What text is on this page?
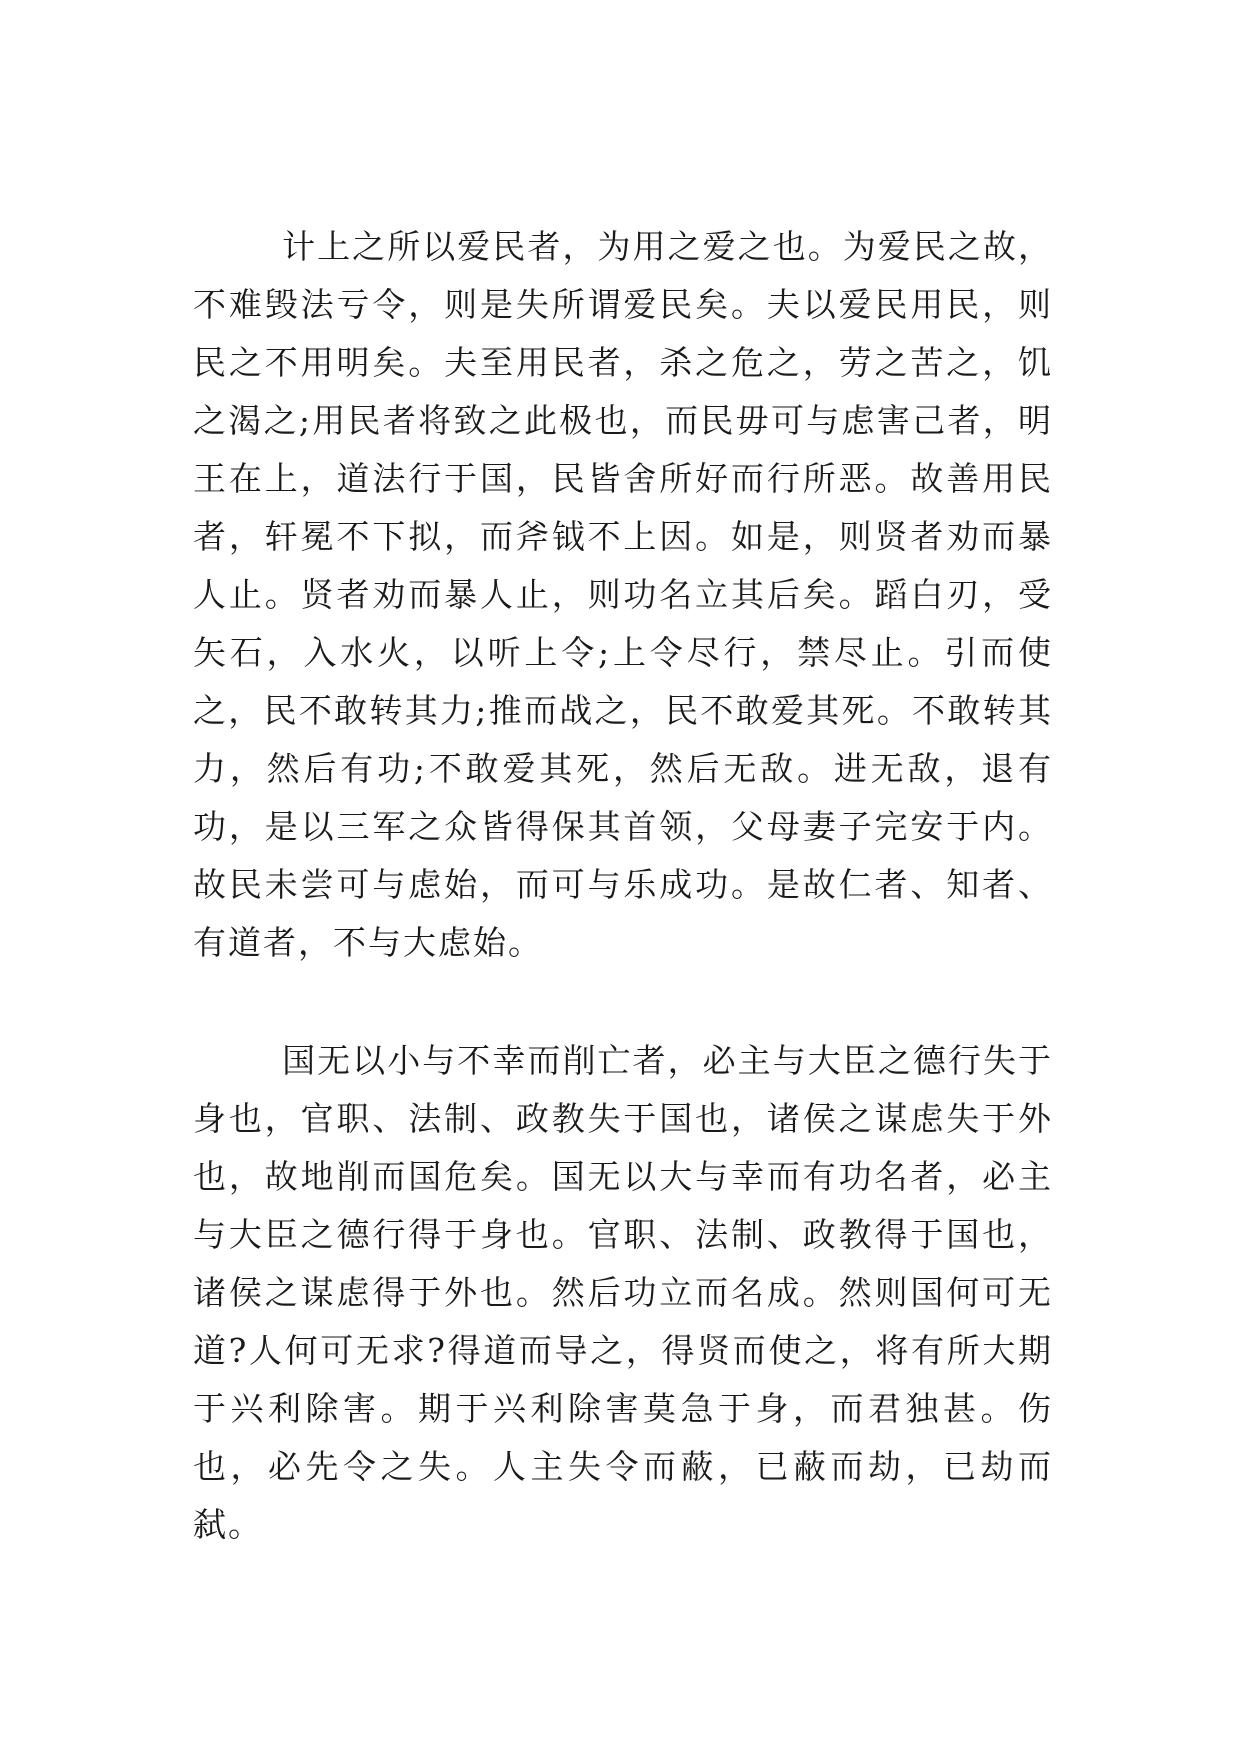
计上之所以爱民者，为用之爱之也。为爱民之故，不难毁法亏令，则是失所谓爱民矣。夫以爱民用民，则民之不用明矣。夫至用民者，杀之危之，劳之苦之，饥之渴之;用民者将致之此极也，而民毋可与虑害己者，明王在上，道法行于国，民皆舍所好而行所恶。故善用民者，轩冕不下拟，而斧钺不上因。如是，则贤者劝而暴人止。贤者劝而暴人止，则功名立其后矣。蹈白刃，受矢石，入水火，以听上令;上令尽行，禁尽止。引而使之，民不敢转其力;推而战之，民不敢爱其死。不敢转其力，然后有功;不敢爱其死，然后无敌。进无敌，退有功，是以三军之众皆得保其首领，父母妻子完安于内。故民未尝可与虑始，而可与乐成功。是故仁者、知者、有道者，不与大虑始。

国无以小与不幸而削亡者，必主与大臣之德行失于身也，官职、法制、政教失于国也，诸侯之谋虑失于外也，故地削而国危矣。国无以大与幸而有功名者，必主与大臣之德行得于身也。官职、法制、政教得于国也，诸侯之谋虑得于外也。然后功立而名成。然则国何可无道?人何可无求?得道而导之，得贤而使之，将有所大期于兴利除害。期于兴利除害莫急于身，而君独甚。伤也，必先令之失。人主失令而蔽，已蔽而劫，已劫而弑。
